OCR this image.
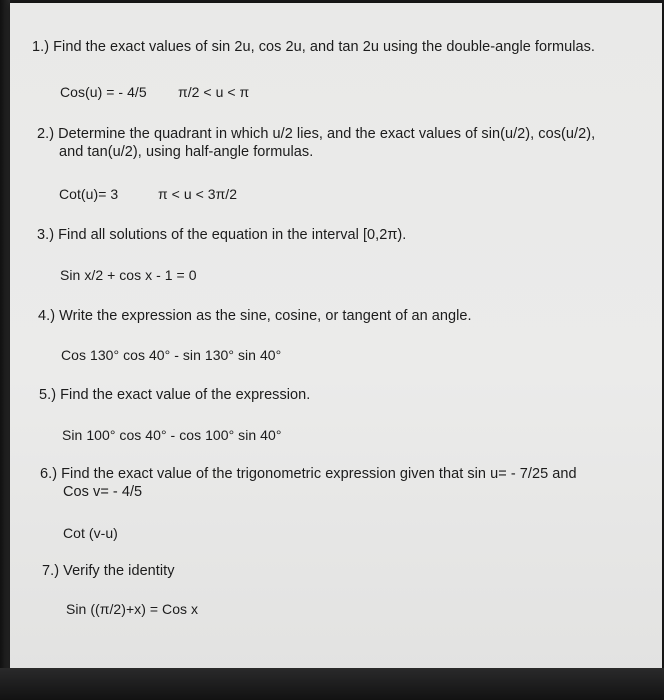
1.) Find the exact values of sin 2u, cos 2u, and tan 2u using the double-angle formulas.
Cos(u) = - 4/5 π/2 < u < π
2.) Determine the quadrant in which u/2 lies, and the exact values of sin(u/2), cos(u/2),
and tan(u/2), using half-angle formulas.
Cot(u)= 3	π < u < 3π/2
3.) Find all solutions of the equation in the interval [0,2π).
Sin x/2 + cos x - 1 = 0
4.) Write the expression as the sine, cosine, or tangent of an angle.
Cos 130° cos 40° - sin 130° sin 40°
5.) Find the exact value of the expression.
Sin 100° cos 40° - cos 100° sin 40°
6.) Find the exact value of the trigonometric expression given that sin u= - 7/25 and
Cos v= - 4/5
Cot (v-u)
7.) Verify the identity
Sin ((π/2)+x) = Cos x
